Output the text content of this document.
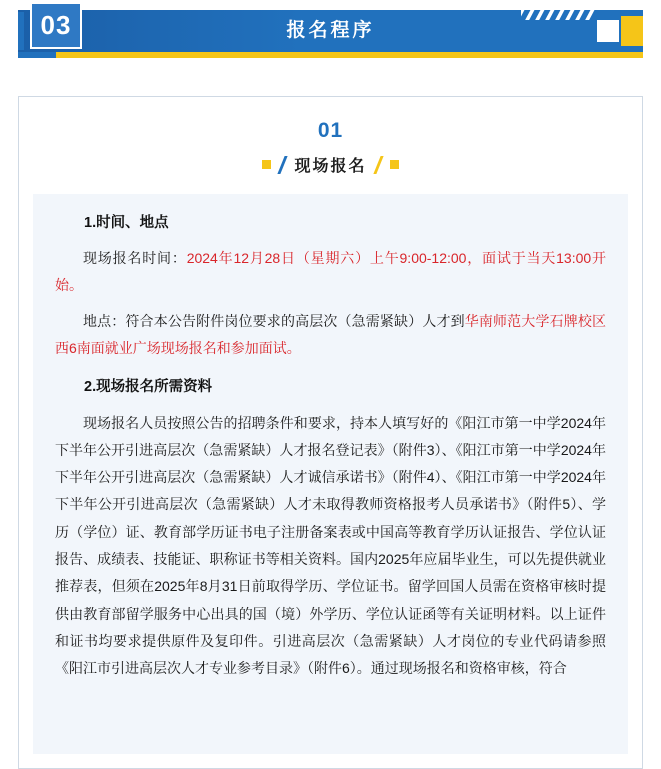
报名程序
03
01
现场报名
1.时间、地点

现场报名时间：2024年12月28日（星期六）上午9:00-12:00，面试于当天13:00开始。

地点：符合本公告附件岗位要求的高层次（急需紧缺）人才到华南师范大学石牌校区西6南面就业广场现场报名和参加面试。

2.现场报名所需资料

现场报名人员按照公告的招聘条件和要求，持本人填写好的《阳江市第一中学2024年下半年公开引进高层次（急需紧缺）人才报名登记表》（附件3）、《阳江市第一中学2024年下半年公开引进高层次（急需紧缺）人才诚信承诺书》（附件4）、《阳江市第一中学2024年下半年公开引进高层次（急需紧缺）人才未取得教师资格报考人员承诺书》（附件5）、学历（学位）证、教育部学历证书电子注册备案表或中国高等教育学历认证报告、学位认证报告、成绩表、技能证、职称证书等相关资料。国内2025年应届毕业生，可以先提供就业推荐表，但须在2025年8月31日前取得学历、学位证书。留学回国人员需在资格审核时提供由教育部留学服务中心出具的国（境）外学历、学位认证函等有关证明材料。以上证件和证书均要求提供原件及复印件。引进高层次（急需紧缺）人才岗位的专业代码请参照《阳江市引进高层次人才专业参考目录》（附件6）。通过现场报名和资格审核，符合
